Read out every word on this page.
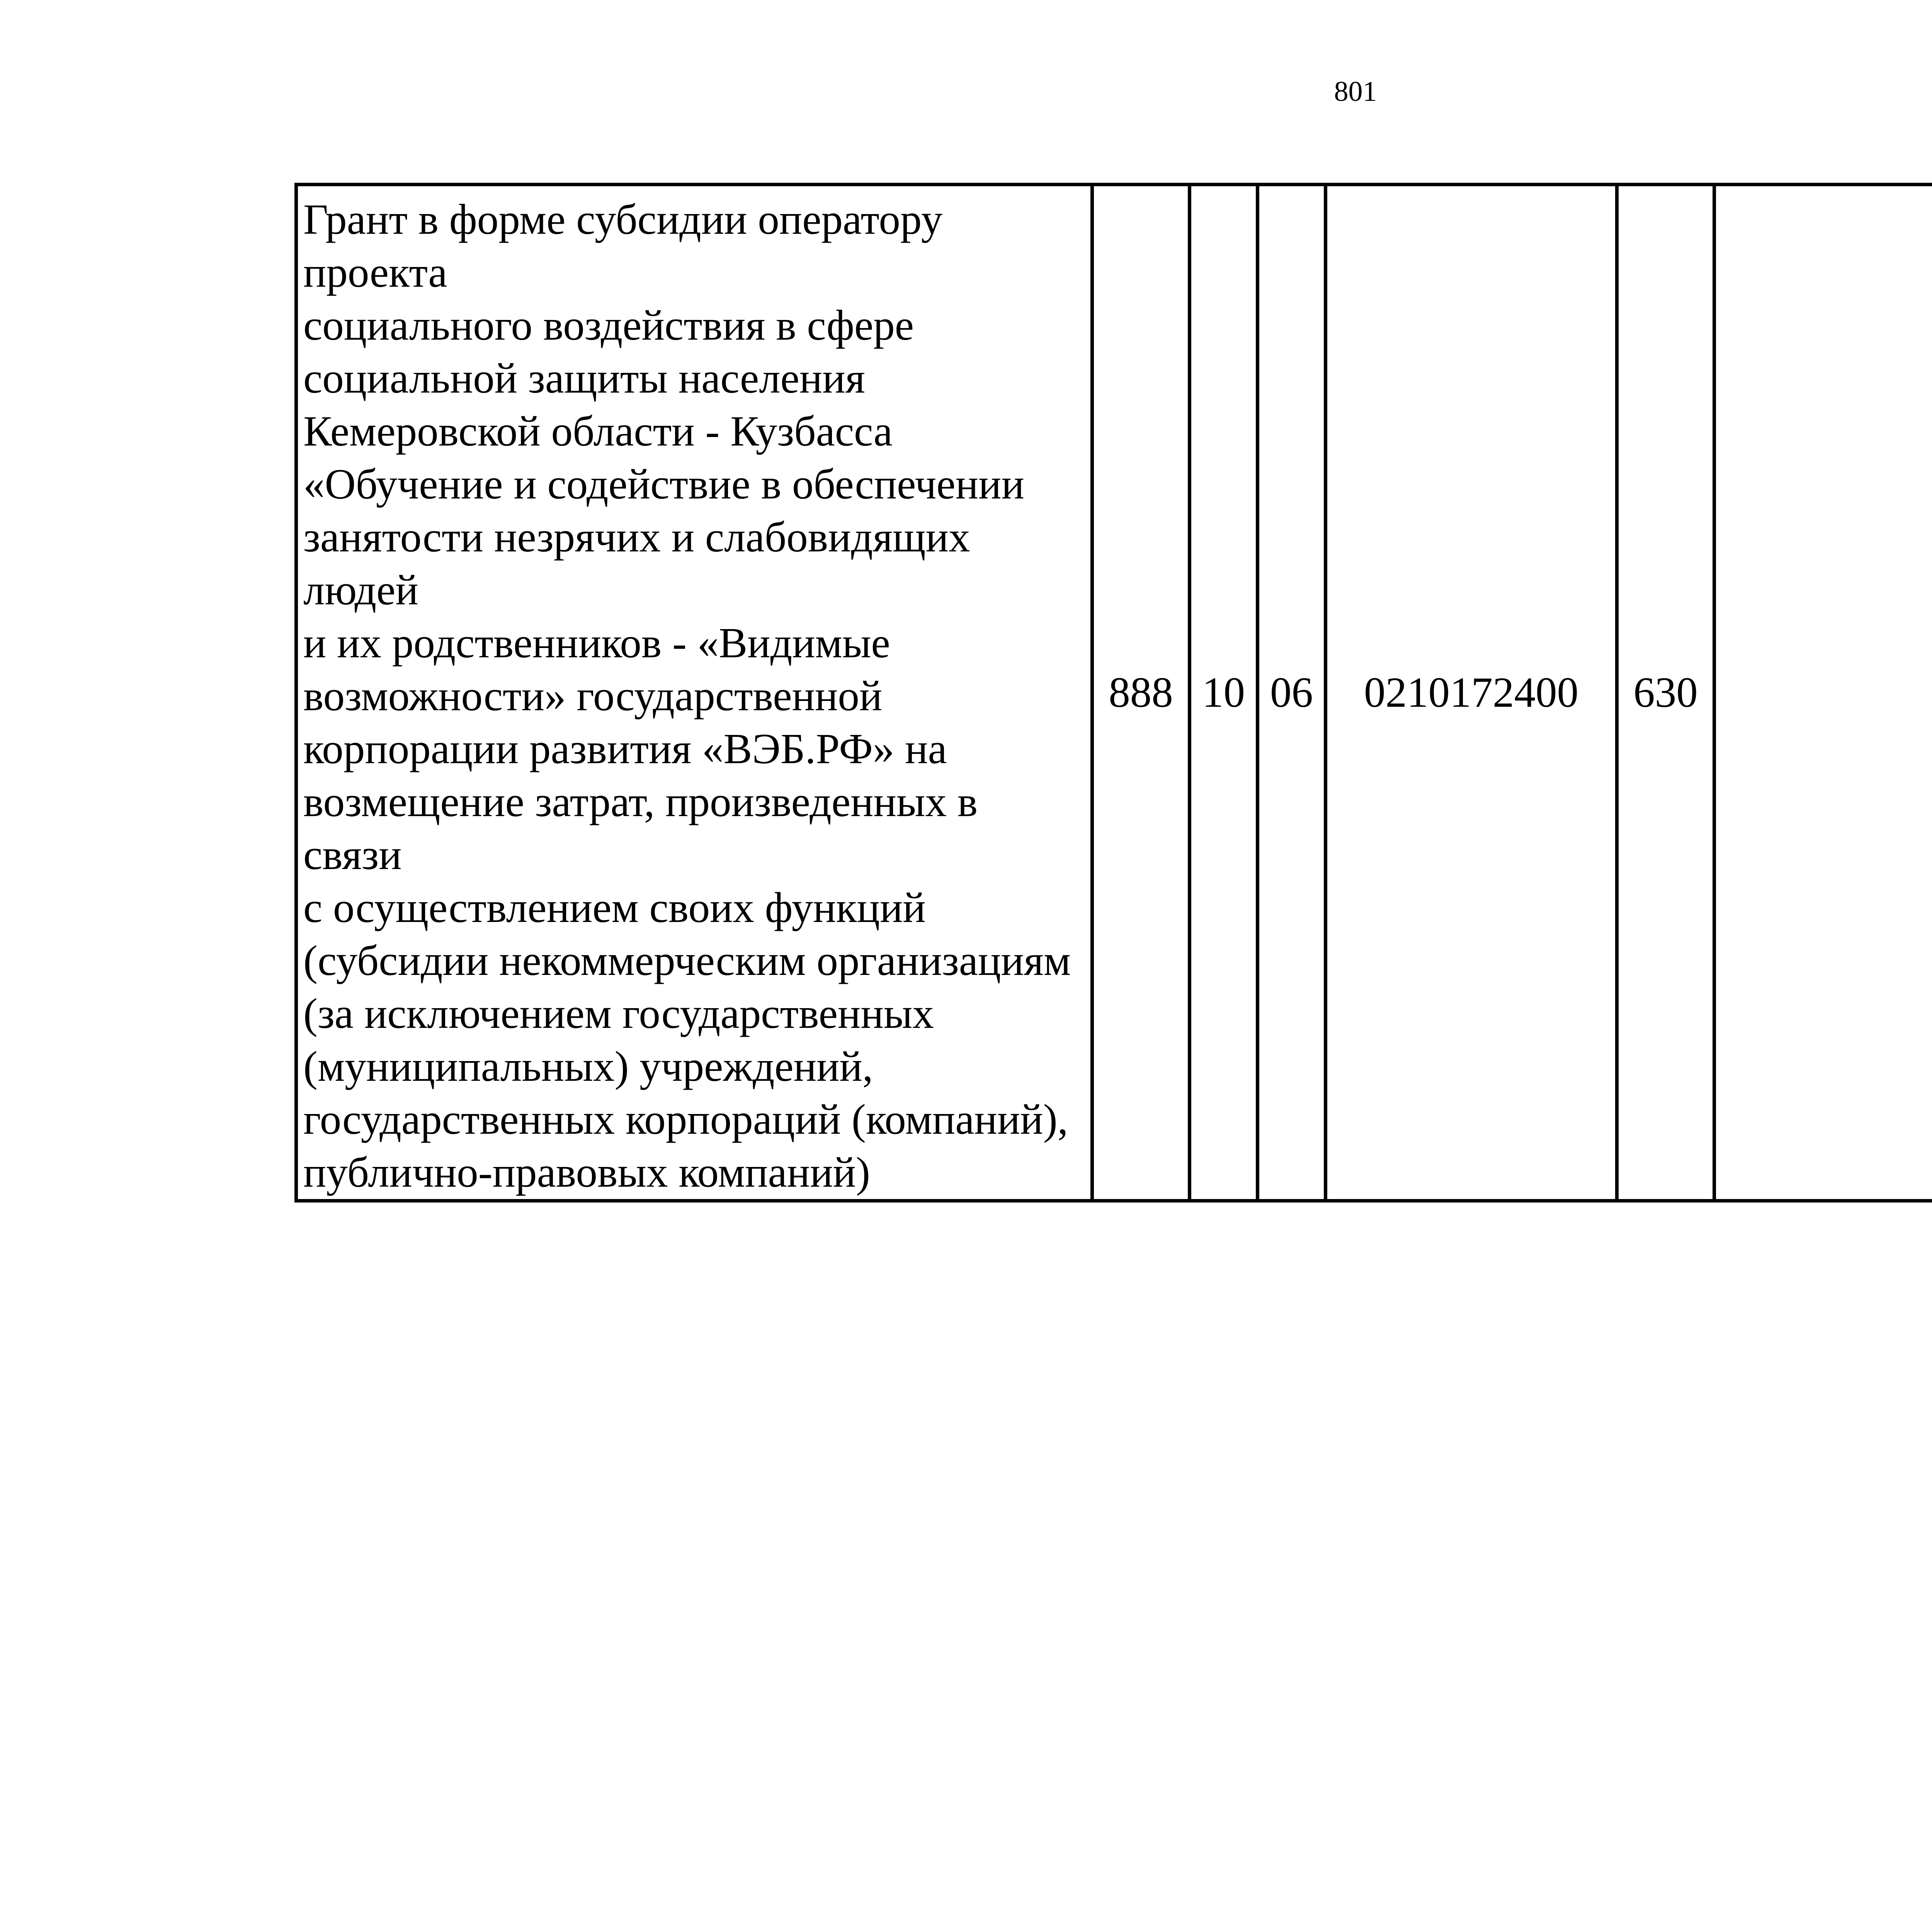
801
Грант в форме субсидии оператору проекта
социального воздействия в сфере
социальной защиты населения
Кемеровской области - Кузбасса
«Обучение и содействие в обеспечении
занятости незрячих и слабовидящих людей
и их родственников - «Видимые
возможности» государственной
корпорации развития «ВЭБ.РФ» на
возмещение затрат, произведенных в связи
с осуществлением своих функций
(субсидии некоммерческим организациям
(за исключением государственных
(муниципальных) учреждений,
государственных корпораций (компаний),
публично-правовых компаний)	888	10	06	0210172400	630			
